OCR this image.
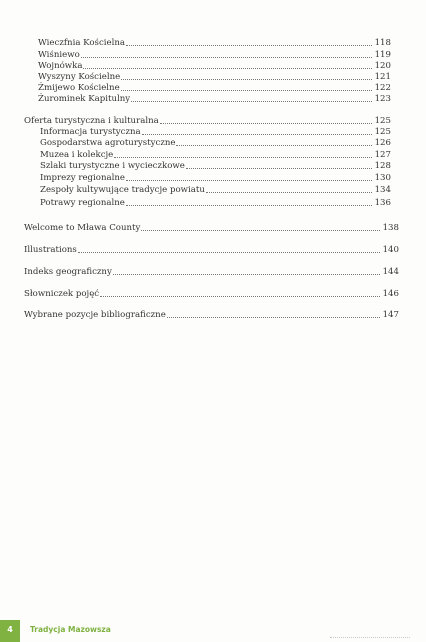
Wieczfnia Kościelna	118
Wiśniewo	119
Wojnówka	120
Wyszyny Kościelne	121
Żmijewo Kościelne	122
Żurominek Kapitulny	123
Oferta turystyczna i kulturalna	125
Informacja turystyczna	125
Gospodarstwa agroturystyczne	126
Muzea i kolekcje	127
Szlaki turystyczne i wycieczkowe	128
Imprezy regionalne	130
Zespoły kultywujące tradycje powiatu	134
Potrawy regionalne	136
Welcome to Mława County	138
Illustrations	140
Indeks geograficzny	144
Słowniczek pojęć	146
Wybrane pozycje bibliograficzne	147
4	Tradycja Mazowsza
